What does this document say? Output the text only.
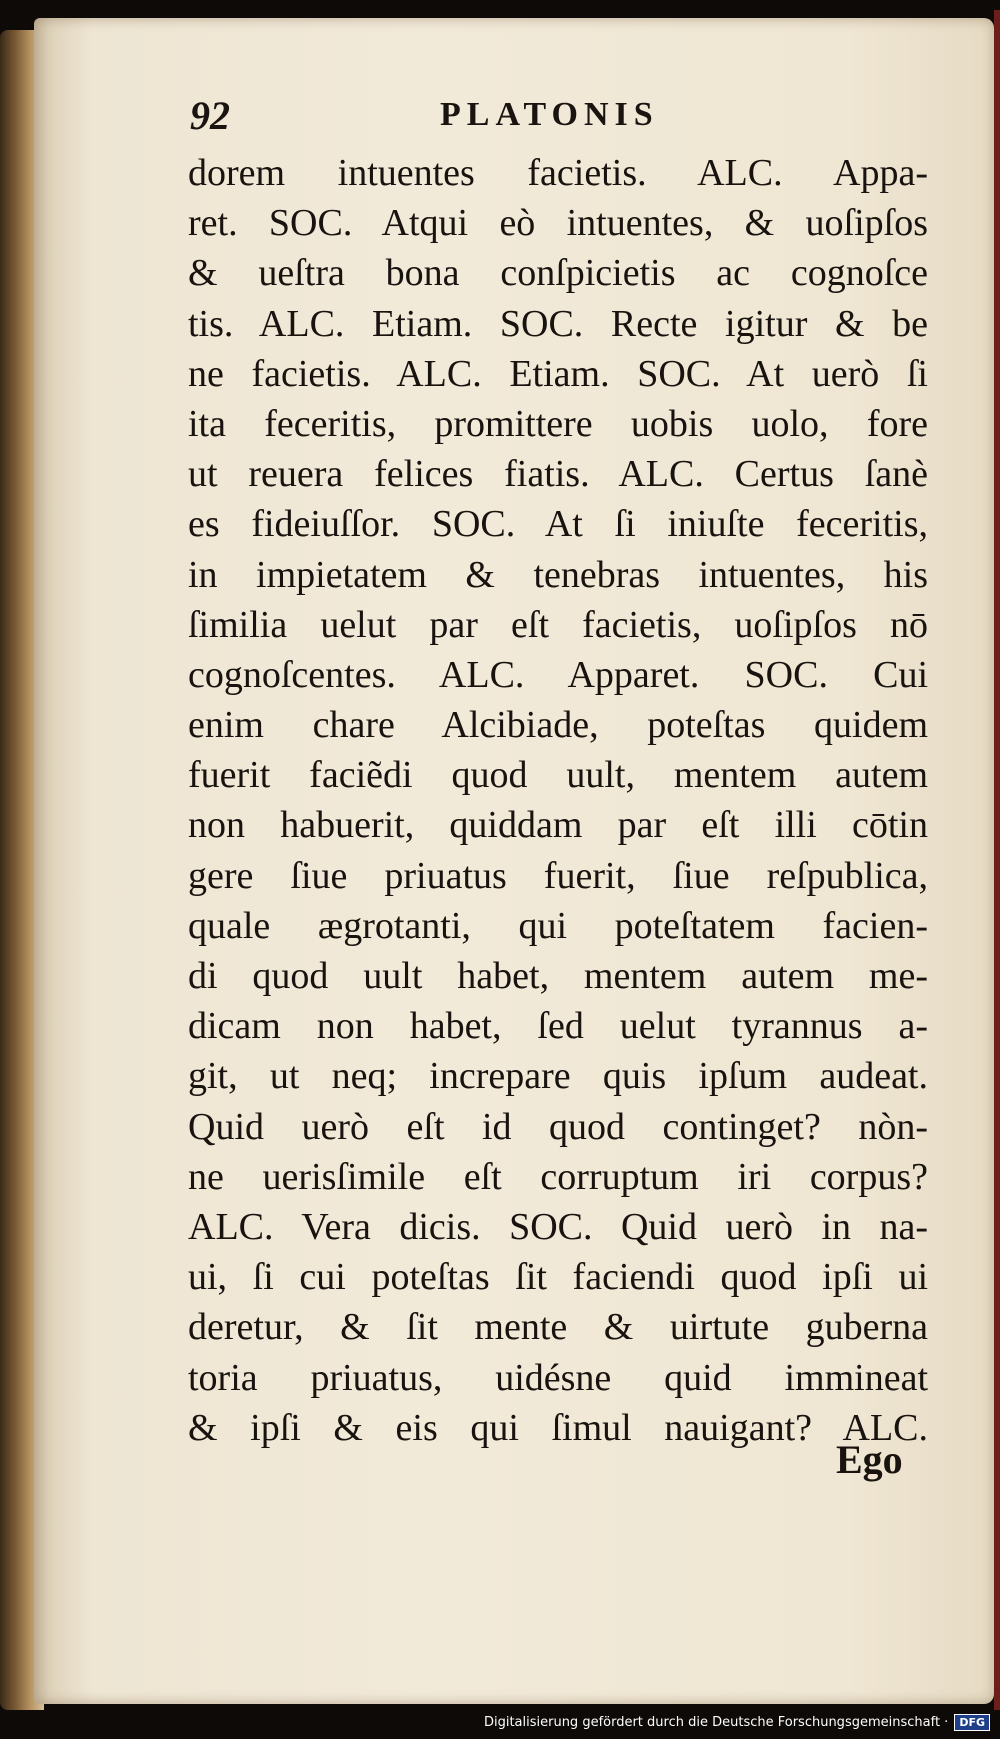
92	PLATONIS
dorem intuentes facietis. ALC. Appa-
ret. SOC. Atqui eò intuentes, & uoſipſos
& ueſtra bona conſpicietis ac cognoſce
tis. ALC. Etiam. SOC. Recte igitur & be
ne facietis. ALC. Etiam. SOC. At uerò ſi
ita feceritis, promittere uobis uolo, fore
ut reuera felices fiatis. ALC. Certus ſanè
es fideiuſſor. SOC. At ſi iniuſte feceritis,
in impietatem & tenebras intuentes, his
ſimilia uelut par eſt facietis, uoſipſos nō
cognoſcentes. ALC. Apparet. SOC. Cui
enim chare Alcibiade, poteſtas quidem
fuerit faciẽdi quod uult, mentem autem
non habuerit, quiddam par eſt illi cōtin
gere ſiue priuatus fuerit, ſiue reſpublica,
quale ægrotanti, qui poteſtatem facien-
di quod uult habet, mentem autem me-
dicam non habet, ſed uelut tyrannus a-
git, ut neq; increpare quis ipſum audeat.
Quid uerò eſt id quod continget? nòn-
ne uerisſimile eſt corruptum iri corpus?
ALC. Vera dicis. SOC. Quid uerò in na-
ui, ſi cui poteſtas ſit faciendi quod ipſi ui
deretur, & ſit mente & uirtute guberna
toria priuatus, uidésne quid immineat
& ipſi & eis qui ſimul nauigant? ALC.
Ego
Digitalisierung gefördert durch die Deutsche Forschungsgemeinschaft ·	DFG
